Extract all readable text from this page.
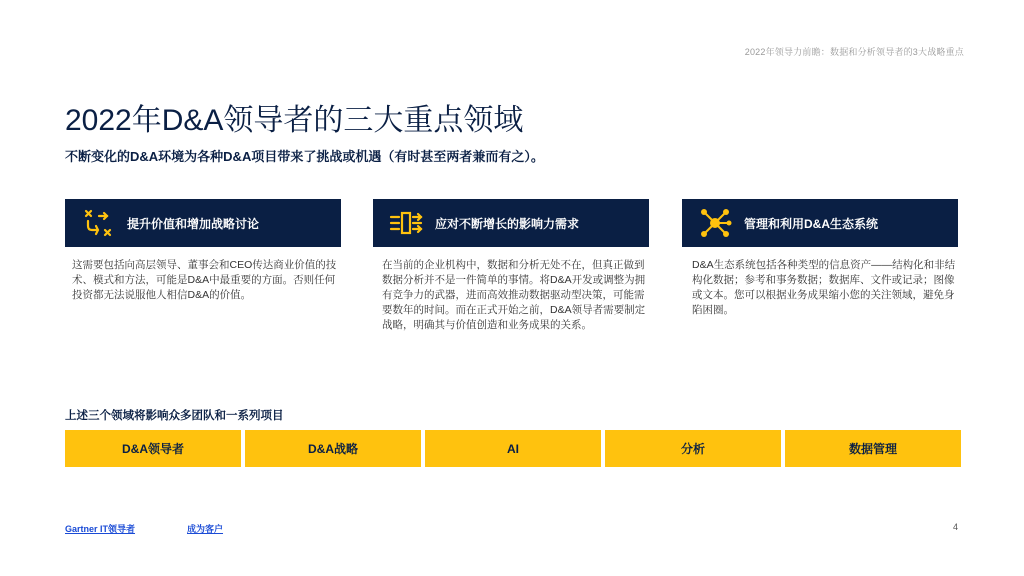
2022年领导力前瞻：数据和分析领导者的3大战略重点
2022年D&A领导者的三大重点领域

不断变化的D&A环境为各种D&A项目带来了挑战或机遇（有时甚至两者兼而有之）。

提升价值和增加战略讨论

这需要包括向高层领导、董事会和CEO传达商业价值的技术、模式和方法，可能是D&A中最重要的方面。否则任何投资都无法说服他人相信D&A的价值。

应对不断增长的影响力需求

在当前的企业机构中，数据和分析无处不在，但真正做到数据分析并不是一件简单的事情。将D&A开发或调整为拥有竞争力的武器，进而高效推动数据驱动型决策，可能需要数年的时间。而在正式开始之前，D&A领导者需要制定战略，明确其与价值创造和业务成果的关系。

管理和利用D&A生态系统

D&A生态系统包括各种类型的信息资产——结构化和非结构化数据；参考和事务数据；数据库、文件或记录；图像或文本。您可以根据业务成果缩小您的关注领域，避免身陷困圈。

上述三个领域将影响众多团队和一系列项目

D&A领导者	D&A战略	AI	分析	数据管理
Gartner IT领导者	成为客户	4
